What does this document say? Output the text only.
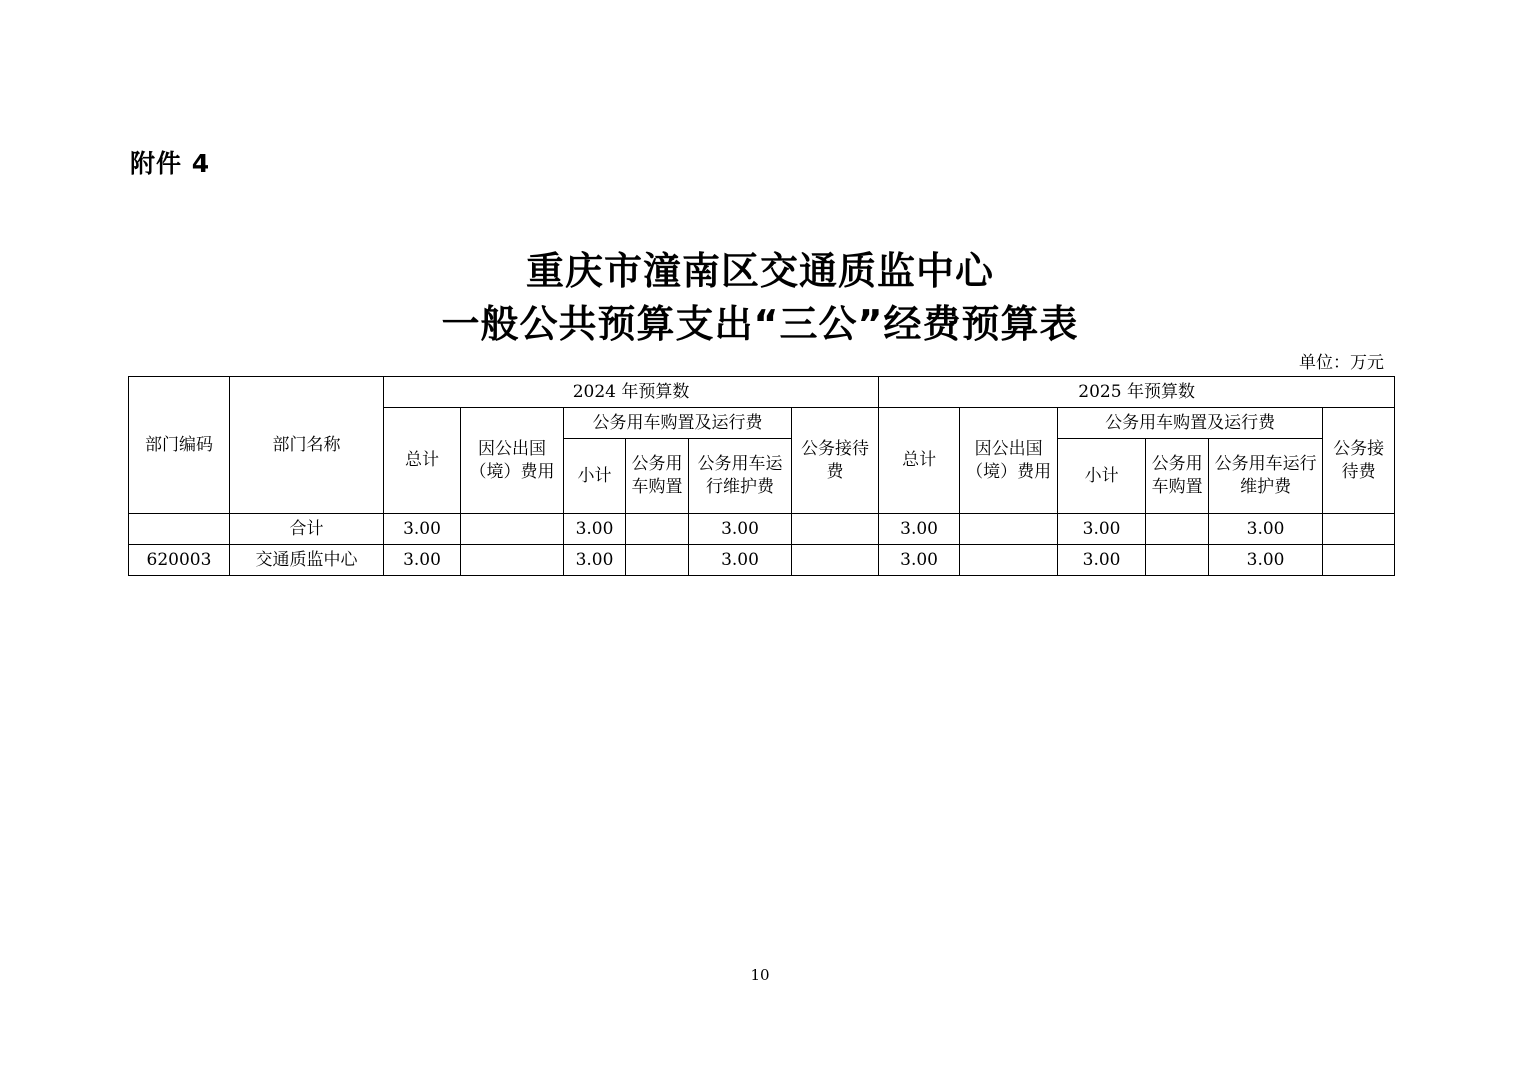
附件 4
重庆市潼南区交通质监中心
一般公共预算支出“三公”经费预算表
单位：万元
部门编码	部门名称	2024 年预算数						2025 年预算数					
		总计	因公出国（境）费用	公务用车购置及运行费			公务接待费	总计	因公出国（境）费用	公务用车购置及运行费			公务接待费
				小计	公务用车购置	公务用车运行维护费				小计	公务用车购置	公务用车运行维护费	
	合计	3.00		3.00		3.00		3.00		3.00		3.00	
620003	交通质监中心	3.00		3.00		3.00		3.00		3.00		3.00	
10
